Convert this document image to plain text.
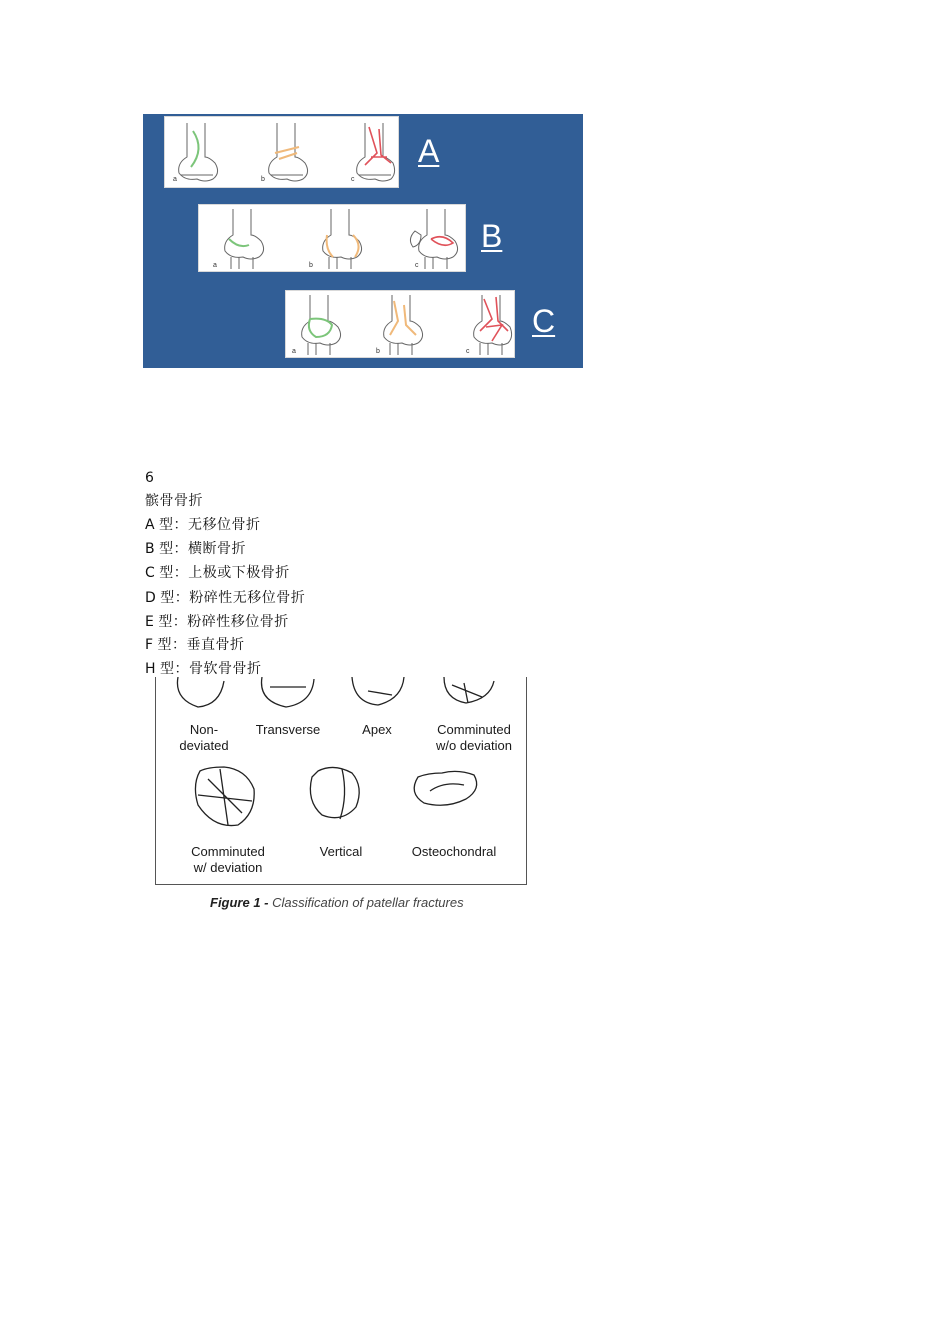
a	b	c
A
a	b	c
B
a	b	c
C
6
髌骨骨折
A 型：无移位骨折
B 型：横断骨折
C 型：上极或下极骨折
D 型：粉碎性无移位骨折
E 型：粉碎性移位骨折
F 型：垂直骨折
H 型：骨软骨骨折
Non-
deviated
Transverse	Apex	Comminuted
w/o deviation
Comminuted
w/ deviation
Vertical	Osteochondral
Figure 1 - Classification of patellar fractures
